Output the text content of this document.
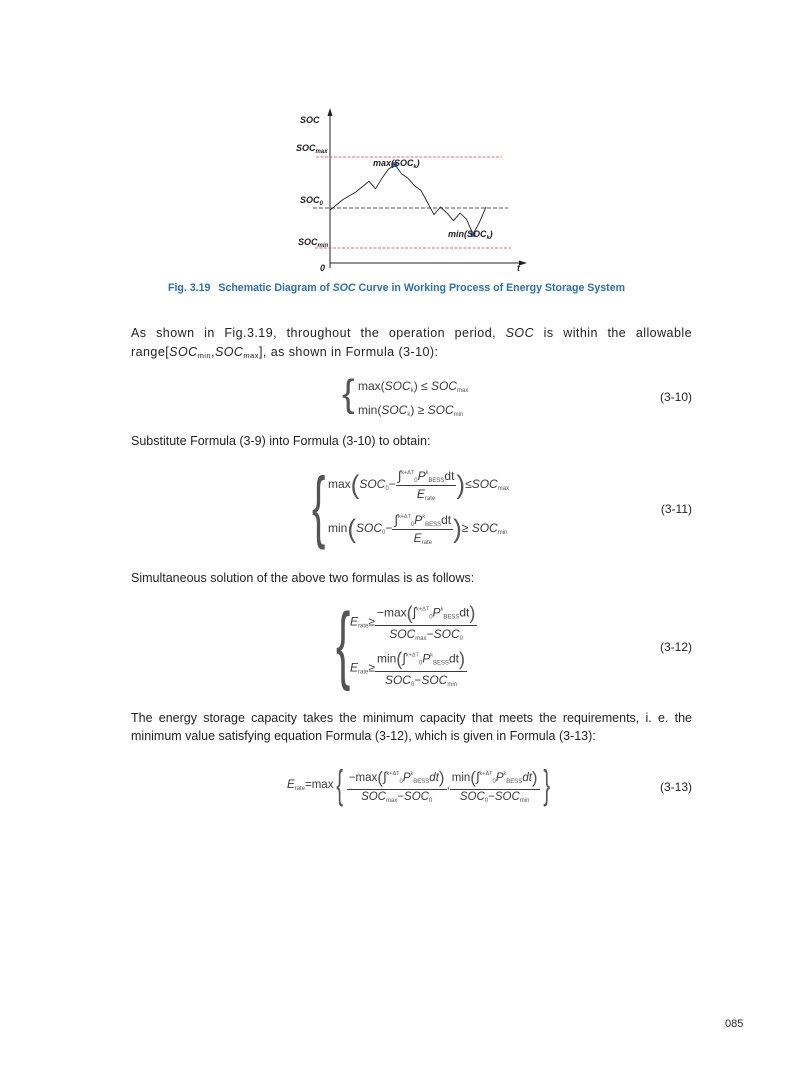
SOC
$SOC_{max}$
$SOC_0$
$SOC_{min}$
0	t
$\max(SOC_k)$
$\min(SOC_k)$
Fig. 3.19 Schematic Diagram of SOC Curve in Working Process of Energy Storage System
As shown in Fig.3.19, throughout the operation period, SOC is within the allowable $range[SOC_{min},SOC_{max}]$, as shown in Formula (3-10):
{ max(SOCk) ≤ SOCmax
min(SOCk) ≥ SOCmin
(3-10)
Substitute Formula (3-9) into Formula (3-10) to obtain:
{ $\max(SOC0- \frac{\int^{k+\Delta T}0P^kBESSdt}{\text{Erate}} )\le SOCmax$
$\min(SOC0- \frac{\int^{k+\Delta T}0P^kBESSdt}{\text{Erate}}$ )≥ SOCmin
(3-11)
Simultaneous solution of the above two formulas is as follows:
{ Erate≥ $\frac{-\max(\int^{k+\Delta T}0P^kBESSdt)}{\text{SOCmax−SOC0}}$
Erate≥ $\frac{\min(\int^{k+\Delta T}0P^kBESSdt)}{\text{SOC0−SOCmin}}$
(3-12)
The energy storage capacity takes the minimum capacity that meets the requirements, i. e. the minimum value satisfying equation Formula (3-12), which is given in Formula (3-13):
Erate=max{ $\frac{-\max(\int^{k+\Delta T}0P^kBESSdt)}{\text{SOCmax−SOC0}}$ , $\frac{\min(\int^{k+\Delta T}0P^kBESSdt)}{\text{SOC0−SOCmin}}$ }	(3-13)
085
